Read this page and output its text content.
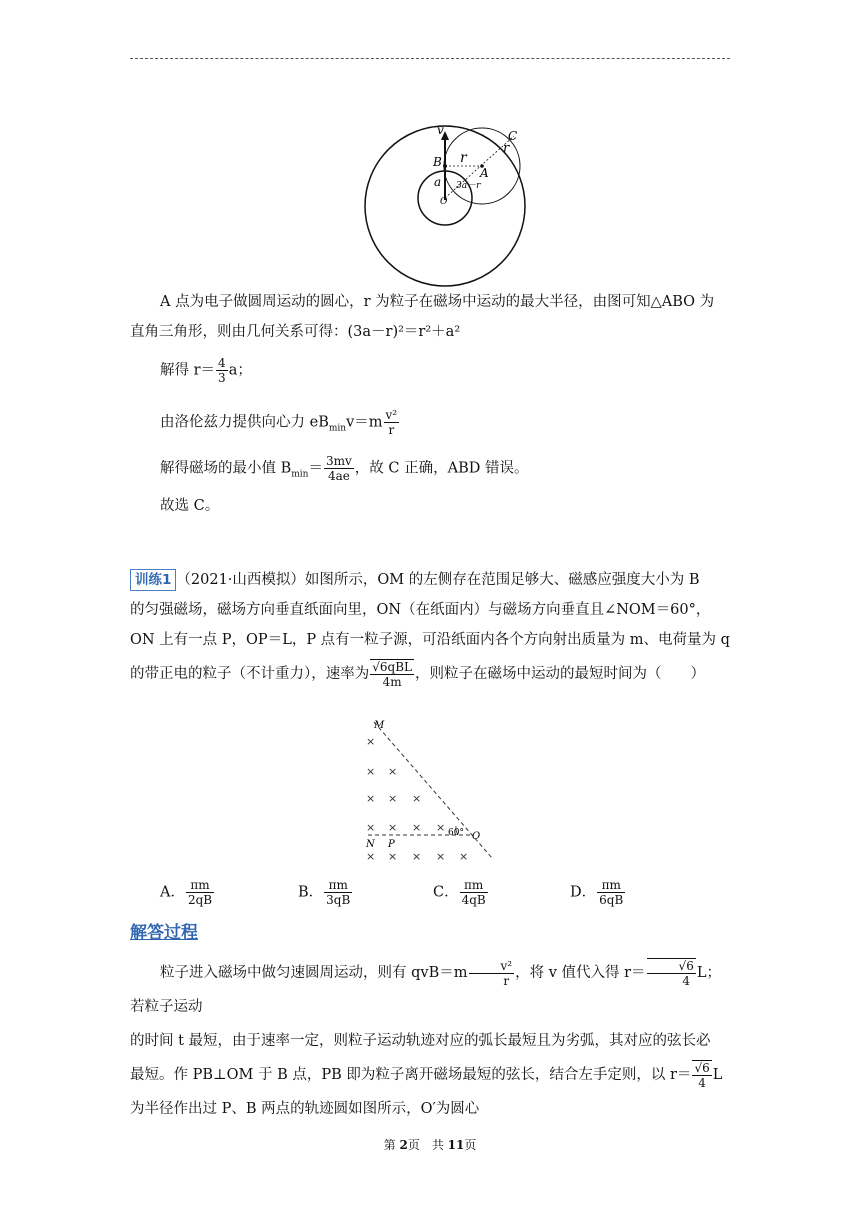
v
B r
r
C
A
a 3a－r
O
A 点为电子做圆周运动的圆心，r 为粒子在磁场中运动的最大半径，由图可知△ABO 为
直角三角形，则由几何关系可得：(3a－r)²＝r²＋a²
解得 $r= \frac{4}{3}$ a；
由洛伦兹力提供向心力 $eB_{min}v=m \frac{\text{v²}}{r}$
解得磁场的最小值 $B_{min}= \frac{3mv}{4ae}$ ，故 C 正确，ABD 错误。
故选 C。
训练1 （2021·山西模拟）如图所示，OM 的左侧存在范围足够大、磁感应强度大小为 B
的匀强磁场，磁场方向垂直纸面向里，ON（在纸面内）与磁场方向垂直且∠NOM＝60°，
ON 上有一点 P，OP＝L，P 点有一粒子源，可沿纸面内各个方向射出质量为 m、电荷量为 q
的带正电的粒子（不计重力），速率为 $\frac{\text{√6qBL}}{4m}$ ，则粒子在磁场中运动的最短时间为（　　）
M
N P
O
60°
×
× ×
× × ×
× × × ×
× × × × ×
A． $\frac{\pi m}{2qB}$	B． $\frac{\pi m}{3qB}$	C． $\frac{\pi m}{4qB}$	D． $\frac{\pi m}{6qB}$
解答过程
粒子进入磁场中做匀速圆周运动，则有 $qvB=m \frac{\text{v²}}{r}$ ，将 v 值代入得 $r= \frac{√6}{4}$ L；若粒子运动
的时间 t 最短，由于速率一定，则粒子运动轨迹对应的弧长最短且为劣弧，其对应的弦长必
最短。作 PB⊥OM 于 B 点，PB 即为粒子离开磁场最短的弦长，结合左手定则，以 $r= \frac{√6}{4}$ L
为半径作出过 P、B 两点的轨迹圆如图所示，O′为圆心
第 2页　共 11页
